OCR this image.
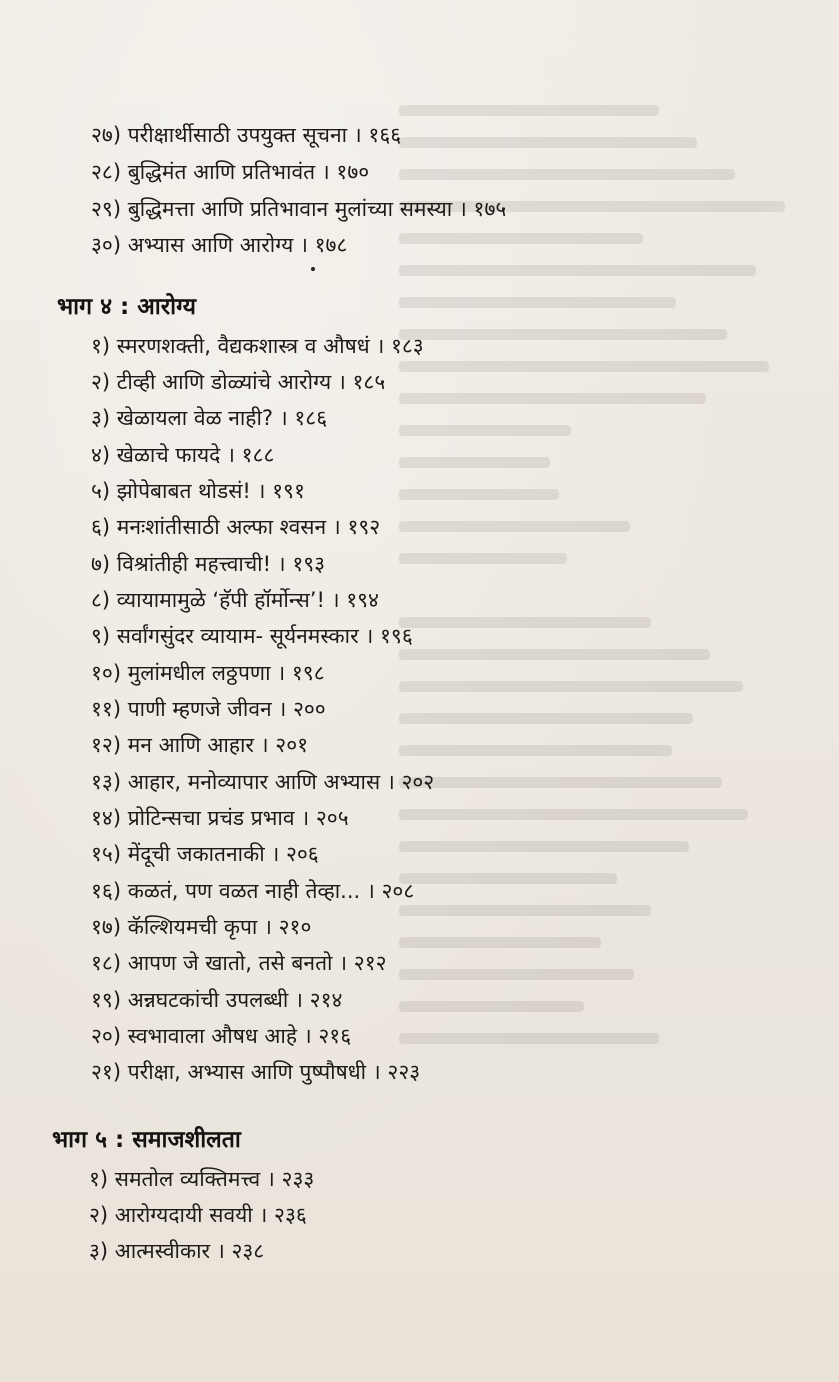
२७) परीक्षार्थीसाठी उपयुक्त सूचना । १६६
२८) बुद्धिमंत आणि प्रतिभावंत । १७०
२९) बुद्धिमत्ता आणि प्रतिभावान मुलांच्या समस्या । १७५
३०) अभ्यास आणि आरोग्य । १७८
भाग ४ : आरोग्य
१) स्मरणशक्ती, वैद्यकशास्त्र व औषधं । १८३
२) टीव्ही आणि डोळ्यांचे आरोग्य । १८५
३) खेळायला वेळ नाही? । १८६
४) खेळाचे फायदे । १८८
५) झोपेबाबत थोडसं! । १९१
६) मनःशांतीसाठी अल्फा श्वसन । १९२
७) विश्रांतीही महत्त्वाची! । १९३
८) व्यायामामुळे ‘हॅपी हॉर्मोन्स’! । १९४
९) सर्वांगसुंदर व्यायाम- सूर्यनमस्कार । १९६
१०) मुलांमधील लठ्ठपणा । १९८
११) पाणी म्हणजे जीवन । २००
१२) मन आणि आहार । २०१
१३) आहार, मनोव्यापार आणि अभ्यास । २०२
१४) प्रोटिन्सचा प्रचंड प्रभाव । २०५
१५) मेंदूची जकातनाकी । २०६
१६) कळतं, पण वळत नाही तेव्हा... । २०८
१७) कॅल्शियमची कृपा । २१०
१८) आपण जे खातो, तसे बनतो । २१२
१९) अन्नघटकांची उपलब्धी । २१४
२०) स्वभावाला औषध आहे । २१६
२१) परीक्षा, अभ्यास आणि पुष्पौषधी । २२३
भाग ५ : समाजशीलता
१) समतोल व्यक्तिमत्त्व । २३३
२) आरोग्यदायी सवयी । २३६
३) आत्मस्वीकार । २३८
